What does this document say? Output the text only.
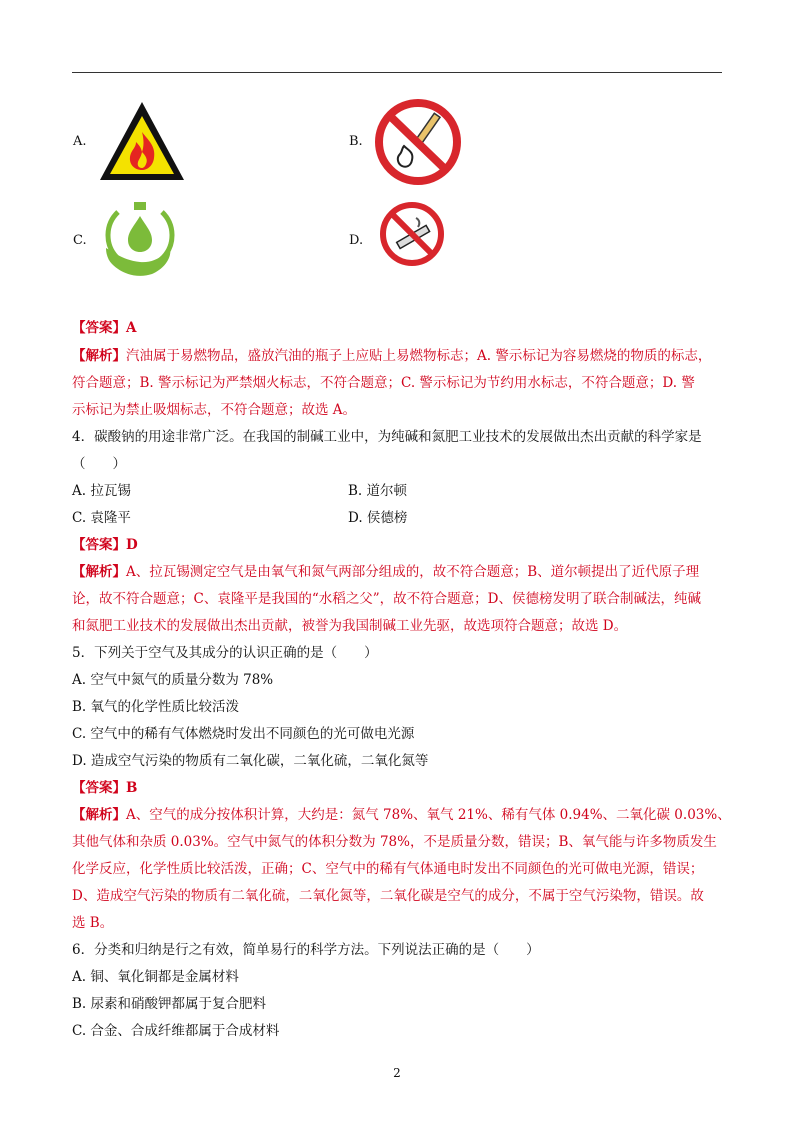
A.	B.
C.	D.
【答案】A
【解析】汽油属于易燃物品，盛放汽油的瓶子上应贴上易燃物标志；A. 警示标记为容易燃烧的物质的标志，
符合题意；B. 警示标记为严禁烟火标志，不符合题意；C. 警示标记为节约用水标志，不符合题意；D. 警
示标记为禁止吸烟标志，不符合题意；故选 A。
4．碳酸钠的用途非常广泛。在我国的制碱工业中，为纯碱和氮肥工业技术的发展做出杰出贡献的科学家是
（　　）
A. 拉瓦锡	B. 道尔顿
C. 袁隆平	D. 侯德榜
【答案】D
【解析】A、拉瓦锡测定空气是由氧气和氮气两部分组成的，故不符合题意；B、道尔顿提出了近代原子理
论，故不符合题意；C、袁隆平是我国的“水稻之父”，故不符合题意；D、侯德榜发明了联合制碱法，纯碱
和氮肥工业技术的发展做出杰出贡献，被誉为我国制碱工业先驱，故选项符合题意；故选 D。
5．下列关于空气及其成分的认识正确的是（　　）
A. 空气中氮气的质量分数为 78%
B. 氧气的化学性质比较活泼
C. 空气中的稀有气体燃烧时发出不同颜色的光可做电光源
D. 造成空气污染的物质有二氧化碳，二氧化硫，二氧化氮等
【答案】B
【解析】A、空气的成分按体积计算，大约是：氮气 78%、氧气 21%、稀有气体 0.94%、二氧化碳 0.03%、
其他气体和杂质 0.03%。空气中氮气的体积分数为 78%，不是质量分数，错误；B、氧气能与许多物质发生
化学反应，化学性质比较活泼，正确；C、空气中的稀有气体通电时发出不同颜色的光可做电光源，错误；
D、造成空气污染的物质有二氧化硫，二氧化氮等，二氧化碳是空气的成分，不属于空气污染物，错误。故
选 B。
6．分类和归纳是行之有效，简单易行的科学方法。下列说法正确的是（　　）
A. 铜、氧化铜都是金属材料
B. 尿素和硝酸钾都属于复合肥料
C. 合金、合成纤维都属于合成材料
2
